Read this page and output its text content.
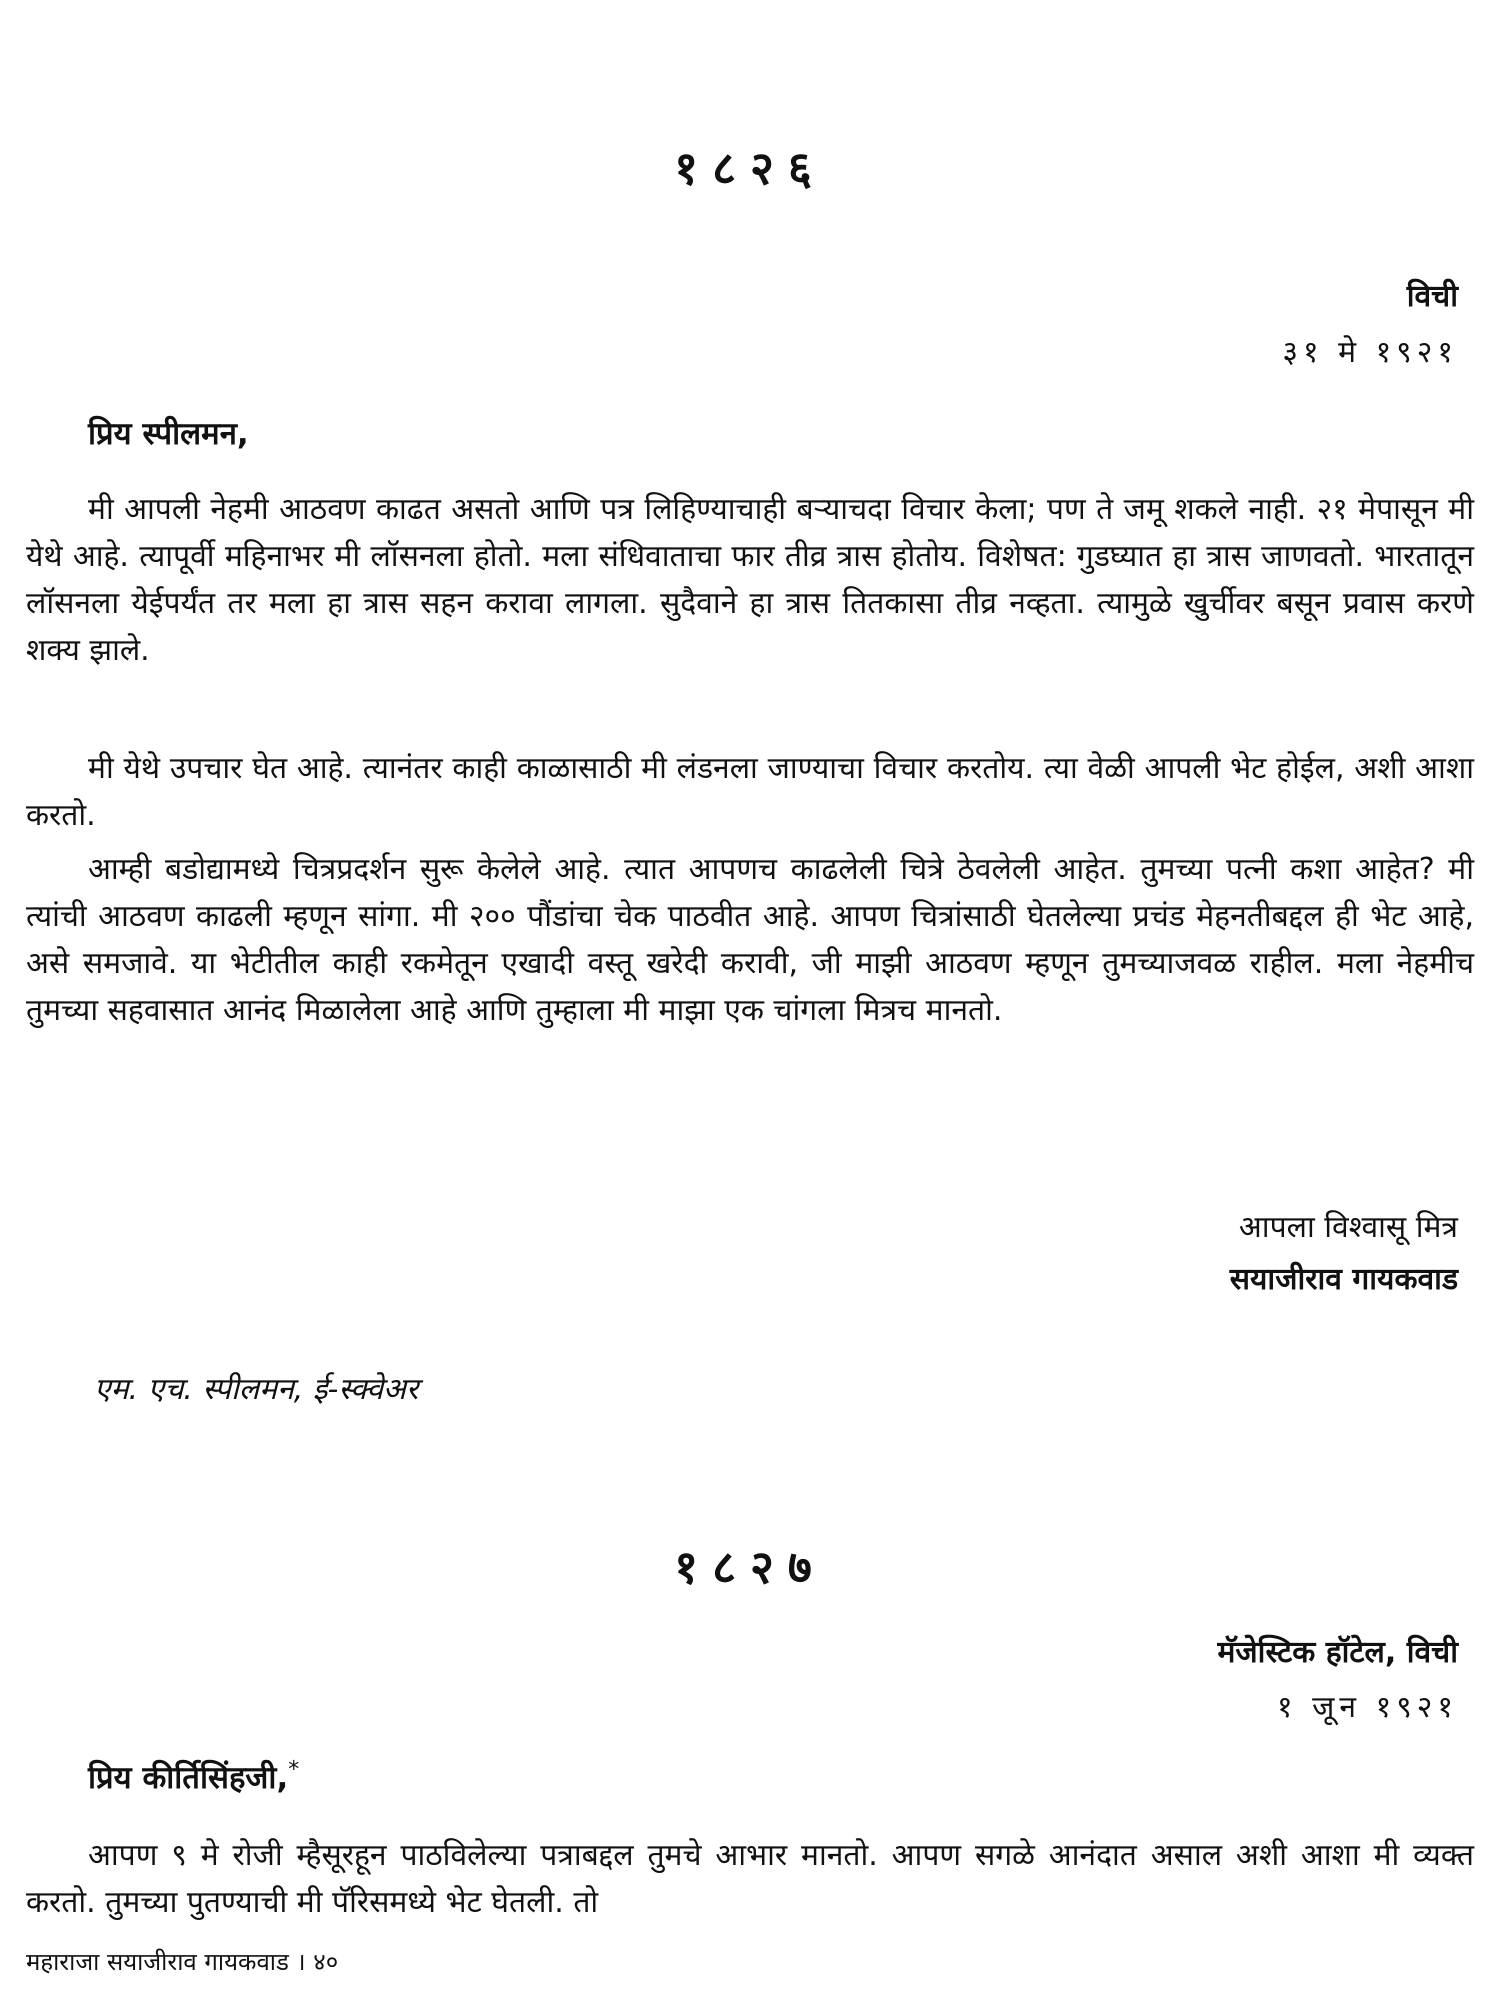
१८२६
विची
३१ मे १९२१
प्रिय स्पीलमन,

मी आपली नेहमी आठवण काढत असतो आणि पत्र लिहिण्याचाही बऱ्याचदा विचार केला; पण ते जमू शकले नाही. २१ मेपासून मी येथे आहे. त्यापूर्वी महिनाभर मी लॉसनला होतो. मला संधिवाताचा फार तीव्र त्रास होतोय. विशेषत: गुडघ्यात हा त्रास जाणवतो. भारतातून लॉसनला येईपर्यंत तर मला हा त्रास सहन करावा लागला. सुदैवाने हा त्रास तितकासा तीव्र नव्हता. त्यामुळे खुर्चीवर बसून प्रवास करणे शक्य झाले.

मी येथे उपचार घेत आहे. त्यानंतर काही काळासाठी मी लंडनला जाण्याचा विचार करतोय. त्या वेळी आपली भेट होईल, अशी आशा करतो.

आम्ही बडोद्यामध्ये चित्रप्रदर्शन सुरू केलेले आहे. त्यात आपणच काढलेली चित्रे ठेवलेली आहेत. तुमच्या पत्नी कशा आहेत? मी त्यांची आठवण काढली म्हणून सांगा. मी २०० पौंडांचा चेक पाठवीत आहे. आपण चित्रांसाठी घेतलेल्या प्रचंड मेहनतीबद्दल ही भेट आहे, असे समजावे. या भेटीतील काही रकमेतून एखादी वस्तू खरेदी करावी, जी माझी आठवण म्हणून तुमच्याजवळ राहील. मला नेहमीच तुमच्या सहवासात आनंद मिळालेला आहे आणि तुम्हाला मी माझा एक चांगला मित्रच मानतो.

आपला विश्वासू मित्र
सयाजीराव गायकवाड
एम. एच. स्पीलमन, ई-स्क्वेअर
१८२७
मॅजेस्टिक हॉटेल, विची
१ जून १९२१
प्रिय कीर्तिसिंहजी,*

आपण ९ मे रोजी म्हैसूरहून पाठविलेल्या पत्राबद्दल तुमचे आभार मानतो. आपण सगळे आनंदात असाल अशी आशा मी व्यक्त करतो. तुमच्या पुतण्याची मी पॅरिसमध्ये भेट घेतली. तो

महाराजा सयाजीराव गायकवाड । ४०
